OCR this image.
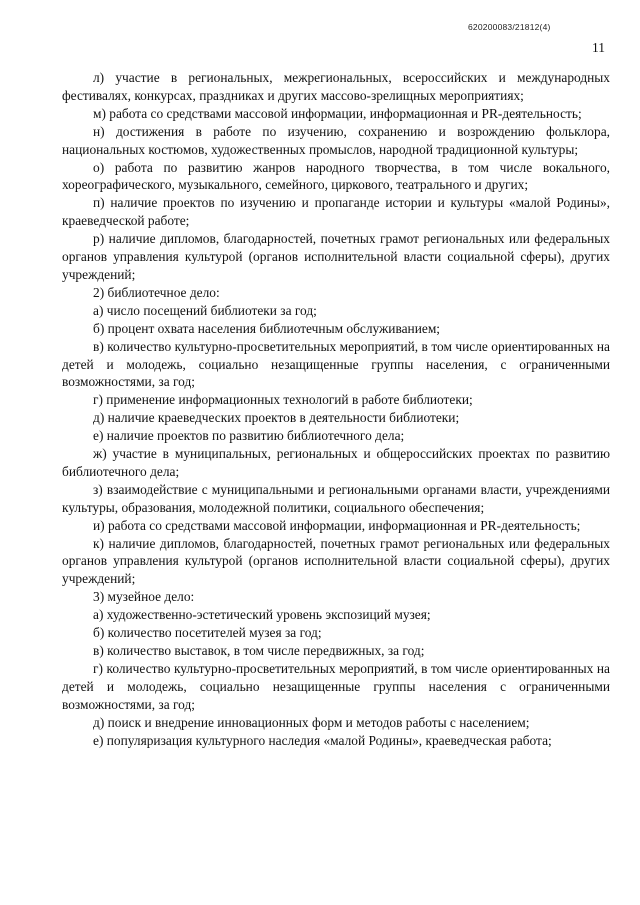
620200083/21812(4)
11

л) участие в региональных, межрегиональных, всероссийских и международных фестивалях, конкурсах, праздниках и других массово-зрелищных мероприятиях;

м) работа со средствами массовой информации, информационная и PR-деятельность;

н) достижения в работе по изучению, сохранению и возрождению фольклора, национальных костюмов, художественных промыслов, народной традиционной культуры;

о) работа по развитию жанров народного творчества, в том числе вокального, хореографического, музыкального, семейного, циркового, театрального и других;

п) наличие проектов по изучению и пропаганде истории и культуры «малой Родины», краеведческой работе;

р) наличие дипломов, благодарностей, почетных грамот региональных или федеральных органов управления культурой (органов исполнительной власти социальной сферы), других учреждений;

2) библиотечное дело:

а) число посещений библиотеки за год;

б) процент охвата населения библиотечным обслуживанием;

в) количество культурно-просветительных мероприятий, в том числе ориентированных на детей и молодежь, социально незащищенные группы населения, с ограниченными возможностями, за год;

г) применение информационных технологий в работе библиотеки;

д) наличие краеведческих проектов в деятельности библиотеки;

е) наличие проектов по развитию библиотечного дела;

ж) участие в муниципальных, региональных и общероссийских проектах по развитию библиотечного дела;

з) взаимодействие с муниципальными и региональными органами власти, учреждениями культуры, образования, молодежной политики, социального обеспечения;

и) работа со средствами массовой информации, информационная и PR-деятельность;

к) наличие дипломов, благодарностей, почетных грамот региональных или федеральных органов управления культурой (органов исполнительной власти социальной сферы), других учреждений;

3) музейное дело:

а) художественно-эстетический уровень экспозиций музея;

б) количество посетителей музея за год;

в) количество выставок, в том числе передвижных, за год;

г) количество культурно-просветительных мероприятий, в том числе ориентированных на детей и молодежь, социально незащищенные группы населения с ограниченными возможностями, за год;

д) поиск и внедрение инновационных форм и методов работы с населением;

е) популяризация культурного наследия «малой Родины», краеведческая работа;
